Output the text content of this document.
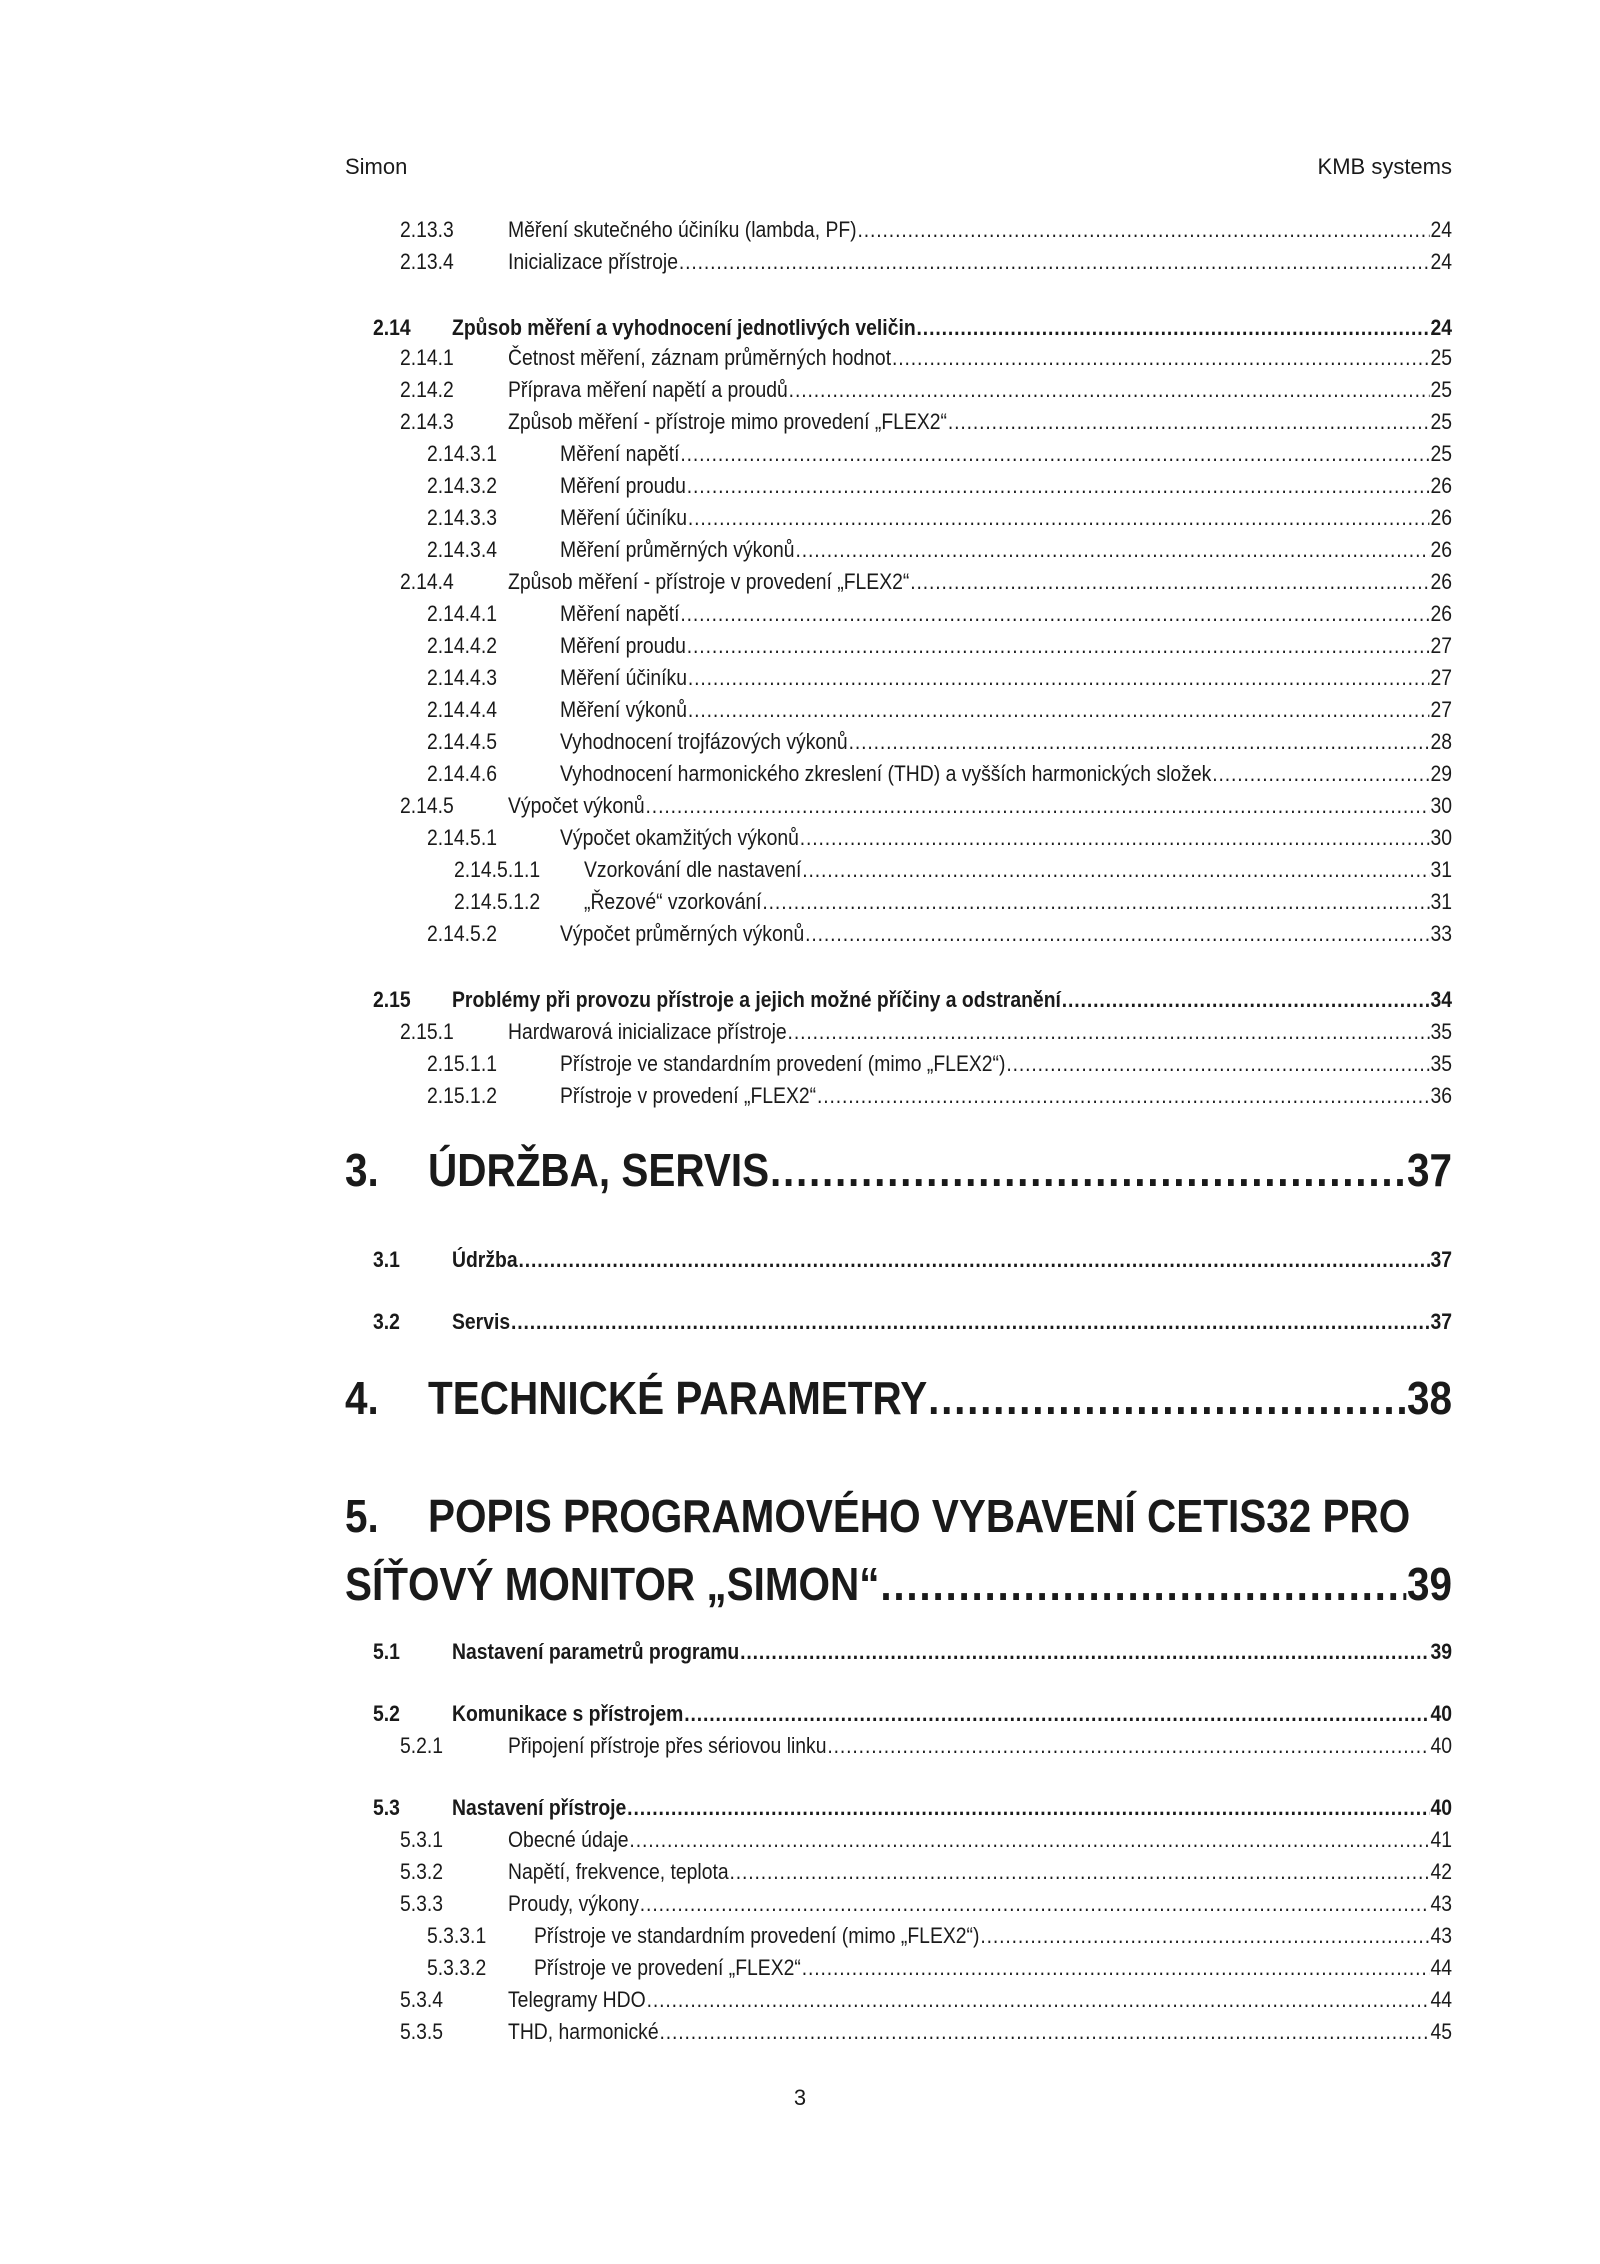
Simon	KMB systems
2.13.3	Měření skutečného účiníku (lambda, PF) .....	24
2.13.4	Inicializace přístroje .....	24
2.14	Způsob měření a vyhodnocení jednotlivých veličin .....	24
2.14.1	Četnost měření, záznam průměrných hodnot .....	25
2.14.2	Příprava měření napětí a proudů .....	25
2.14.3	Způsob měření - přístroje mimo provedení „FLEX2“ .....	25
2.14.3.1	Měření napětí .....	25
2.14.3.2	Měření proudu .....	26
2.14.3.3	Měření účiníku .....	26
2.14.3.4	Měření průměrných výkonů .....	26
2.14.4	Způsob měření - přístroje v provedení „FLEX2“ .....	26
2.14.4.1	Měření napětí .....	26
2.14.4.2	Měření proudu .....	27
2.14.4.3	Měření účiníku .....	27
2.14.4.4	Měření výkonů .....	27
2.14.4.5	Vyhodnocení trojfázových výkonů .....	28
2.14.4.6	Vyhodnocení harmonického zkreslení (THD) a vyšších harmonických složek .....	29
2.14.5	Výpočet výkonů .....	30
2.14.5.1	Výpočet okamžitých výkonů .....	30
2.14.5.1.1	Vzorkování dle nastavení .....	31
2.14.5.1.2	„Řezové“ vzorkování .....	31
2.14.5.2	Výpočet průměrných výkonů .....	33
2.15	Problémy při provozu přístroje a jejich možné příčiny a odstranění .....	34
2.15.1	Hardwarová inicializace přístroje .....	35
2.15.1.1	Přístroje ve standardním provedení (mimo „FLEX2“) .....	35
2.15.1.2	Přístroje v provedení „FLEX2“ .....	36
3.	ÚDRŽBA, SERVIS .....	37
3.1	Údržba .....	37
3.2	Servis .....	37
4.	TECHNICKÉ PARAMETRY .....	38
5. POPIS PROGRAMOVÉHO VYBAVENÍ CETIS32 PRO
SÍŤOVÝ MONITOR „SIMON“ .....	39
5.1	Nastavení parametrů programu .....	39
5.2	Komunikace s přístrojem .....	40
5.2.1	Připojení přístroje přes sériovou linku .....	40
5.3	Nastavení přístroje .....	40
5.3.1	Obecné údaje .....	41
5.3.2	Napětí, frekvence, teplota .....	42
5.3.3	Proudy, výkony .....	43
5.3.3.1	Přístroje ve standardním provedení (mimo „FLEX2“) .....	43
5.3.3.2	Přístroje ve provedení „FLEX2“ .....	44
5.3.4	Telegramy HDO .....	44
5.3.5	THD, harmonické .....	45
3
